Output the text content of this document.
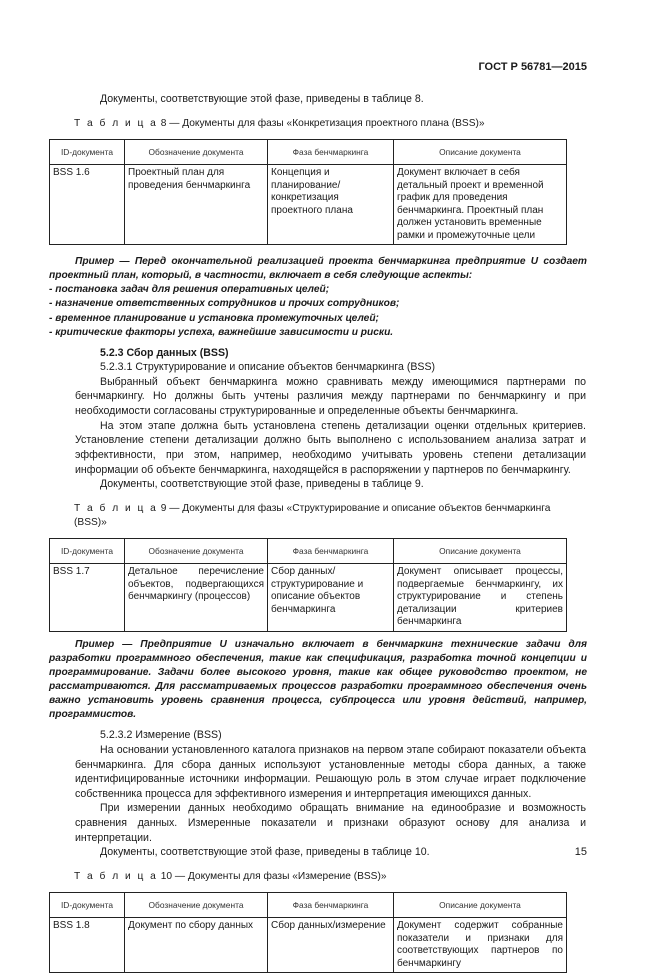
ГОСТ Р 56781—2015

Документы, соответствующие этой фазе, приведены в таблице 8.

Т а б л и ц а 8 — Документы для фазы «Конкретизация проектного плана (BSS)»

ID-документа	Обозначение документа	Фаза бенчмаркинга	Описание документа
BSS 1.6	Проектный план для проведения бенчмаркинга	Концепция и планирование/конкретизация проектного плана	Документ включает в себя детальный проект и временной график для проведения бенчмаркинга. Проектный план должен установить временные рамки и промежуточные цели

Пример — Перед окончательной реализацией проекта бенчмаркинга предприятие U создает проектный план, который, в частности, включает в себя следующие аспекты:

- постановка задач для решения оперативных целей;

- назначение ответственных сотрудников и прочих сотрудников;

- временное планирование и установка промежуточных целей;

- критические факторы успеха, важнейшие зависимости и риски.

5.2.3 Сбор данных (BSS)

5.2.3.1 Структурирование и описание объектов бенчмаркинга (BSS)

Выбранный объект бенчмаркинга можно сравнивать между имеющимися партнерами по бенчмаркингу. Но должны быть учтены различия между партнерами по бенчмаркингу и при необходимости согласованы структурированные и определенные объекты бенчмаркинга.

На этом этапе должна быть установлена степень детализации оценки отдельных критериев. Установление степени детализации должно быть выполнено с использованием анализа затрат и эффективности, при этом, например, необходимо учитывать уровень степени детализации информации об объекте бенчмаркинга, находящейся в распоряжении у партнеров по бенчмаркингу.

Документы, соответствующие этой фазе, приведены в таблице 9.

Т а б л и ц а 9 — Документы для фазы «Структурирование и описание объектов бенчмаркинга (BSS)»

ID-документа	Обозначение документа	Фаза бенчмаркинга	Описание документа
BSS 1.7	Детальное перечисление объектов, подвергающихся бенчмаркингу (процессов)	Сбор данных/структурирование и описание объектов бенчмаркинга	Документ описывает процессы, подвергаемые бенчмаркингу, их структурирование и степень детализации критериев бенчмаркинга

Пример — Предприятие U изначально включает в бенчмаркинг технические задачи для разработки программного обеспечения, такие как спецификация, разработка точной концепции и программирование. Задачи более высокого уровня, такие как общее руководство проектом, не рассматриваются. Для рассматриваемых процессов разработки программного обеспечения очень важно установить уровень сравнения процесса, субпроцесса или уровня действий, например, программистов.

5.2.3.2 Измерение (BSS)

На основании установленного каталога признаков на первом этапе собирают показатели объекта бенчмаркинга. Для сбора данных используют установленные методы сбора данных, а также идентифицированные источники информации. Решающую роль в этом случае играет подключение собственника процесса для эффективного измерения и интерпретация имеющихся данных.

При измерении данных необходимо обращать внимание на единообразие и возможность сравнения данных. Измеренные показатели и признаки образуют основу для анализа и интерпретации.

Документы, соответствующие этой фазе, приведены в таблице 10.

Т а б л и ц а 10 — Документы для фазы «Измерение (BSS)»

ID-документа	Обозначение документа	Фаза бенчмаркинга	Описание документа
BSS 1.8	Документ по сбору данных	Сбор данных/измерение	Документ содержит собранные показатели и признаки для соответствующих партнеров по бенчмаркингу
15
